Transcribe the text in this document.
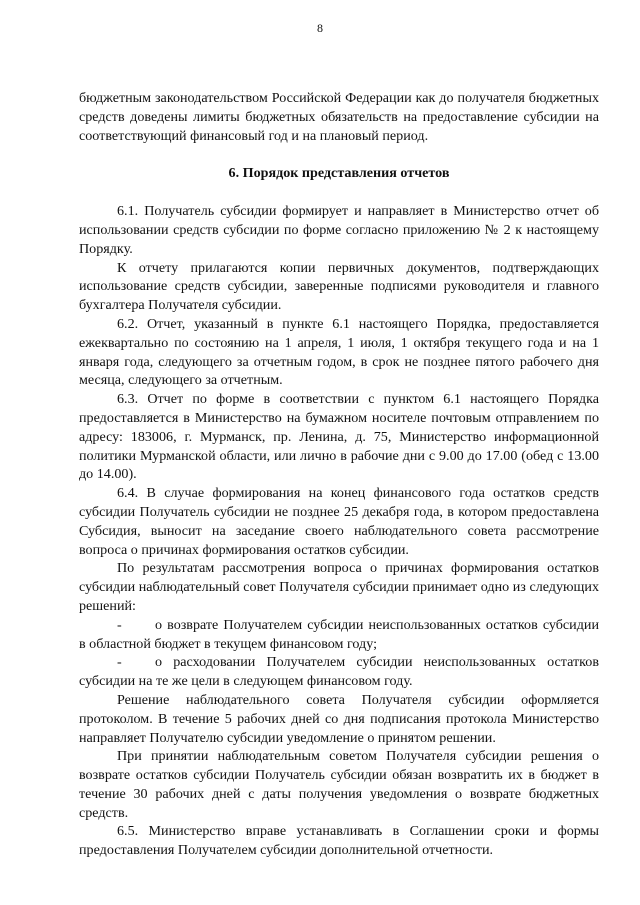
8

бюджетным законодательством Российской Федерации как до получателя бюджетных средств доведены лимиты бюджетных обязательств на предоставление субсидии на соответствующий финансовый год и на плановый период.

6. Порядок представления отчетов

6.1. Получатель субсидии формирует и направляет в Министерство отчет об использовании средств субсидии по форме согласно приложению № 2 к настоящему Порядку.

К отчету прилагаются копии первичных документов, подтверждающих использование средств субсидии, заверенные подписями руководителя и главного бухгалтера Получателя субсидии.

6.2. Отчет, указанный в пункте 6.1 настоящего Порядка, предоставляется ежеквартально по состоянию на 1 апреля, 1 июля, 1 октября текущего года и на 1 января года, следующего за отчетным годом, в срок не позднее пятого рабочего дня месяца, следующего за отчетным.

6.3. Отчет по форме в соответствии с пунктом 6.1 настоящего Порядка предоставляется в Министерство на бумажном носителе почтовым отправлением по адресу: 183006, г. Мурманск, пр. Ленина, д. 75, Министерство информационной политики Мурманской области, или лично в рабочие дни с 9.00 до 17.00 (обед с 13.00 до 14.00).

6.4. В случае формирования на конец финансового года остатков средств субсидии Получатель субсидии не позднее 25 декабря года, в котором предоставлена Субсидия, выносит на заседание своего наблюдательного совета рассмотрение вопроса о причинах формирования остатков субсидии.

По результатам рассмотрения вопроса о причинах формирования остатков субсидии наблюдательный совет Получателя субсидии принимает одно из следующих решений:

- о возврате Получателем субсидии неиспользованных остатков субсидии в областной бюджет в текущем финансовом году;

- о расходовании Получателем субсидии неиспользованных остатков субсидии на те же цели в следующем финансовом году.

Решение наблюдательного совета Получателя субсидии оформляется протоколом. В течение 5 рабочих дней со дня подписания протокола Министерство направляет Получателю субсидии уведомление о принятом решении.

При принятии наблюдательным советом Получателя субсидии решения о возврате остатков субсидии Получатель субсидии обязан возвратить их в бюджет в течение 30 рабочих дней с даты получения уведомления о возврате бюджетных средств.

6.5. Министерство вправе устанавливать в Соглашении сроки и формы предоставления Получателем субсидии дополнительной отчетности.
